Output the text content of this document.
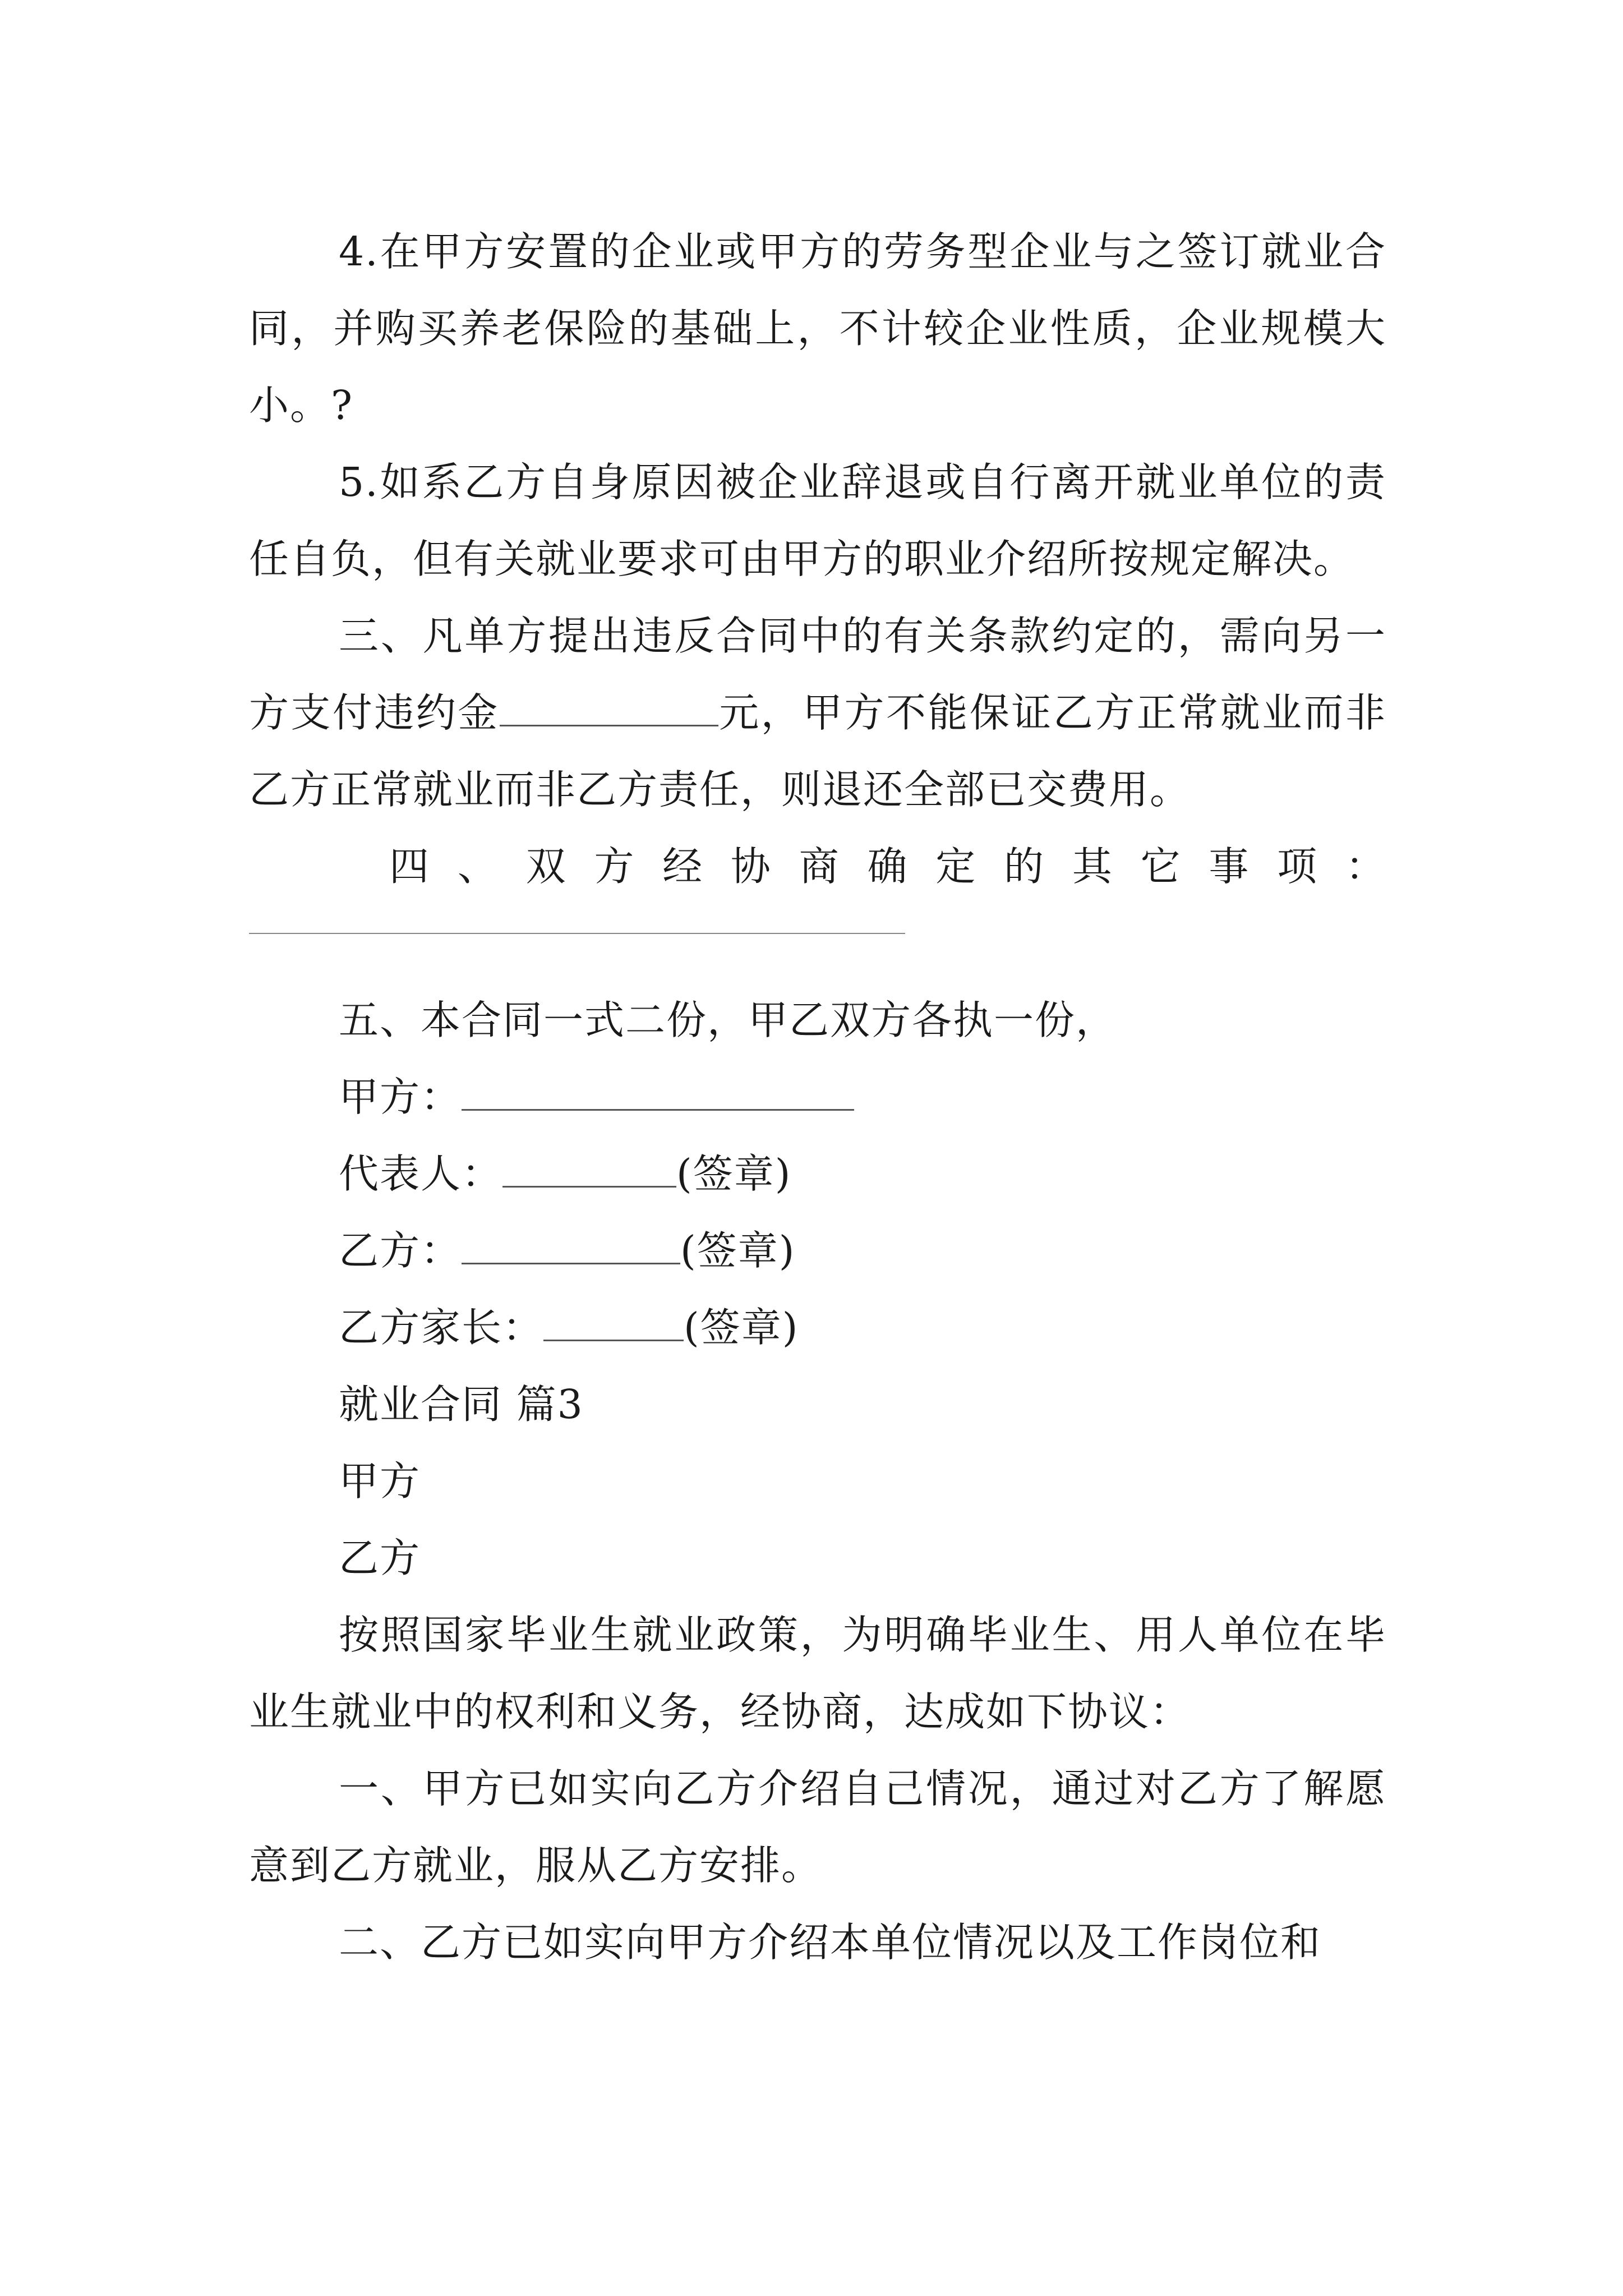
4.在甲方安置的企业或甲方的劳务型企业与之签订就业合同，并购买养老保险的基础上，不计较企业性质，企业规模大小。?

5.如系乙方自身原因被企业辞退或自行离开就业单位的责任自负，但有关就业要求可由甲方的职业介绍所按规定解决。

三、凡单方提出违反合同中的有关条款约定的，需向另一方支付违约金	元，甲方不能保证乙方正常就业而非乙方正常就业而非乙方责任，则退还全部已交费用。

四 、 双 方 经 协 商 确 定 的 其 它 事 项 ：

五、本合同一式二份，甲乙双方各执一份，

甲方：

代表人：	(签章)

乙方：	(签章)

乙方家长：	(签章)

就业合同 篇3

甲方

乙方

按照国家毕业生就业政策，为明确毕业生、用人单位在毕业生就业中的权利和义务，经协商，达成如下协议：

一、甲方已如实向乙方介绍自己情况，通过对乙方了解愿意到乙方就业，服从乙方安排。

二、乙方已如实向甲方介绍本单位情况以及工作岗位和
